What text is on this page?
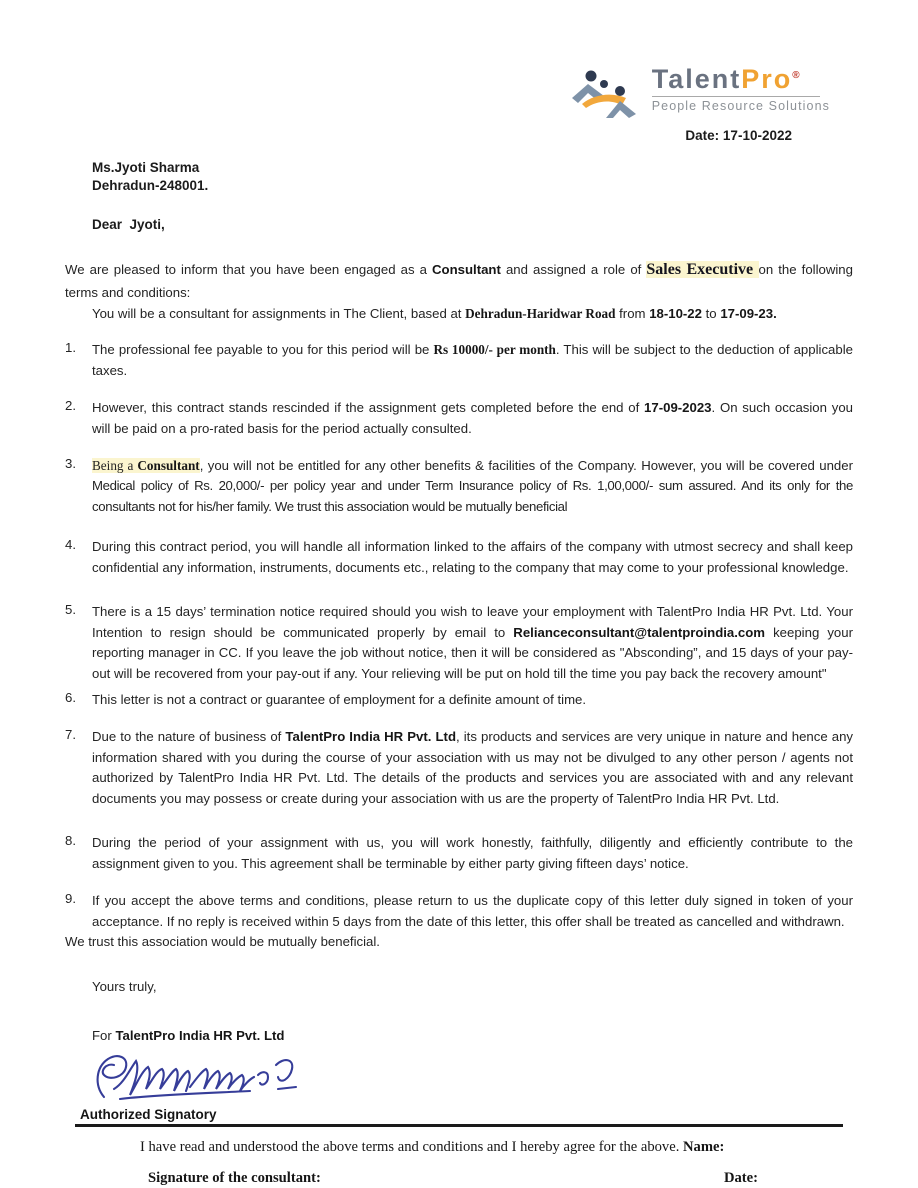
TalentPro®
People Resource Solutions
Date: 17-10-2022
Ms.Jyoti Sharma
Dehradun-248001.
Dear  Jyoti,
We are pleased to inform that you have been engaged as a Consultant and assigned a role of Sales Executive on the following terms and conditions:
You will be a consultant for assignments in The Client, based at Dehradun-Haridwar Road from 18-10-22 to 17-09-23.
1.	The professional fee payable to you for this period will be Rs 10000/- per month. This will be subject to the deduction of applicable taxes.
2.	However, this contract stands rescinded if the assignment gets completed before the end of 17-09-2023. On such occasion you will be paid on a pro-rated basis for the period actually consulted.
3.	Being a Consultant, you will not be entitled for any other benefits & facilities of the Company. However, you will be covered under Medical policy of Rs. 20,000/- per policy year and under Term Insurance policy of Rs. 1,00,000/- sum assured. And its only for the consultants not for his/her family. We trust this association would be mutually beneficial
4.	During this contract period, you will handle all information linked to the affairs of the company with utmost secrecy and shall keep confidential any information, instruments, documents etc., relating to the company that may come to your professional knowledge.
5.	There is a 15 days’ termination notice required should you wish to leave your employment with TalentPro India HR Pvt. Ltd. Your Intention to resign should be communicated properly by email to Relianceconsultant@talentproindia.com keeping your reporting manager in CC. If you leave the job without notice, then it will be considered as "Absconding”, and 15 days of your pay-out will be recovered from your pay-out if any. Your relieving will be put on hold till the time you pay back the recovery amount"
6.	This letter is not a contract or guarantee of employment for a definite amount of time.
7.	Due to the nature of business of TalentPro India HR Pvt. Ltd, its products and services are very unique in nature and hence any information shared with you during the course of your association with us may not be divulged to any other person / agents not authorized by TalentPro India HR Pvt. Ltd. The details of the products and services you are associated with and any relevant documents you may possess or create during your association with us are the property of TalentPro India HR Pvt. Ltd.
8.	During the period of your assignment with us, you will work honestly, faithfully, diligently and efficiently contribute to the assignment given to you. This agreement shall be terminable by either party giving fifteen days’ notice.
9.	If you accept the above terms and conditions, please return to us the duplicate copy of this letter duly signed in token of your acceptance. If no reply is received within 5 days from the date of this letter, this offer shall be treated as cancelled and withdrawn.
We trust this association would be mutually beneficial.
Yours truly,
For TalentPro India HR Pvt. Ltd
Authorized Signatory
I have read and understood the above terms and conditions and I hereby agree for the above. Name:
Signature of the consultant:	Date:
